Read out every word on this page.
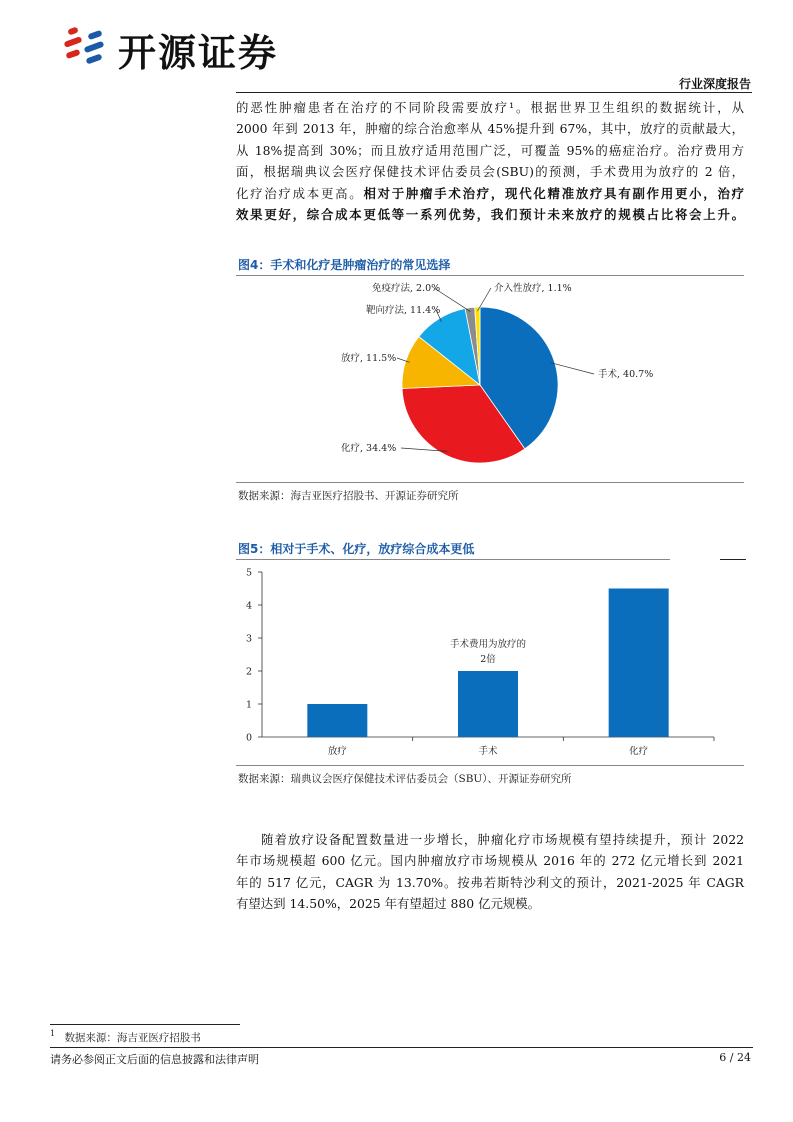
开源证券
行业深度报告
的恶性肿瘤患者在治疗的不同阶段需要放疗¹。根据世界卫生组织的数据统计，从
2000 年到 2013 年，肿瘤的综合治愈率从 45%提升到 67%，其中，放疗的贡献最大，
从 18%提高到 30%；而且放疗适用范围广泛，可覆盖 95%的癌症治疗。治疗费用方
面，根据瑞典议会医疗保健技术评估委员会(SBU)的预测，手术费用为放疗的 2 倍，
化疗治疗成本更高。相对于肿瘤手术治疗，现代化精准放疗具有副作用更小，治疗
效果更好，综合成本更低等一系列优势，我们预计未来放疗的规模占比将会上升。
图4：手术和化疗是肿瘤治疗的常见选择
手术, 40.7%
化疗, 34.4%
放疗, 11.5%
靶向疗法, 11.4%
免疫疗法, 2.0%	介入性放疗, 1.1%
数据来源：海吉亚医疗招股书、开源证券研究所
图5：相对于手术、化疗，放疗综合成本更低
0
1
2
3
4
5
放疗	手术	化疗
手术费用为放疗的
2倍
数据来源：瑞典议会医疗保健技术评估委员会（SBU）、开源证券研究所
随着放疗设备配置数量进一步增长，肿瘤化疗市场规模有望持续提升，预计 2022
年市场规模超 600 亿元。国内肿瘤放疗市场规模从 2016 年的 272 亿元增长到 2021
年的 517 亿元，CAGR 为 13.70%。按弗若斯特沙利文的预计，2021-2025 年 CAGR
有望达到 14.50%，2025 年有望超过 880 亿元规模。
$^1$ 数据来源：海吉亚医疗招股书
请务必参阅正文后面的信息披露和法律声明	6 / 24
